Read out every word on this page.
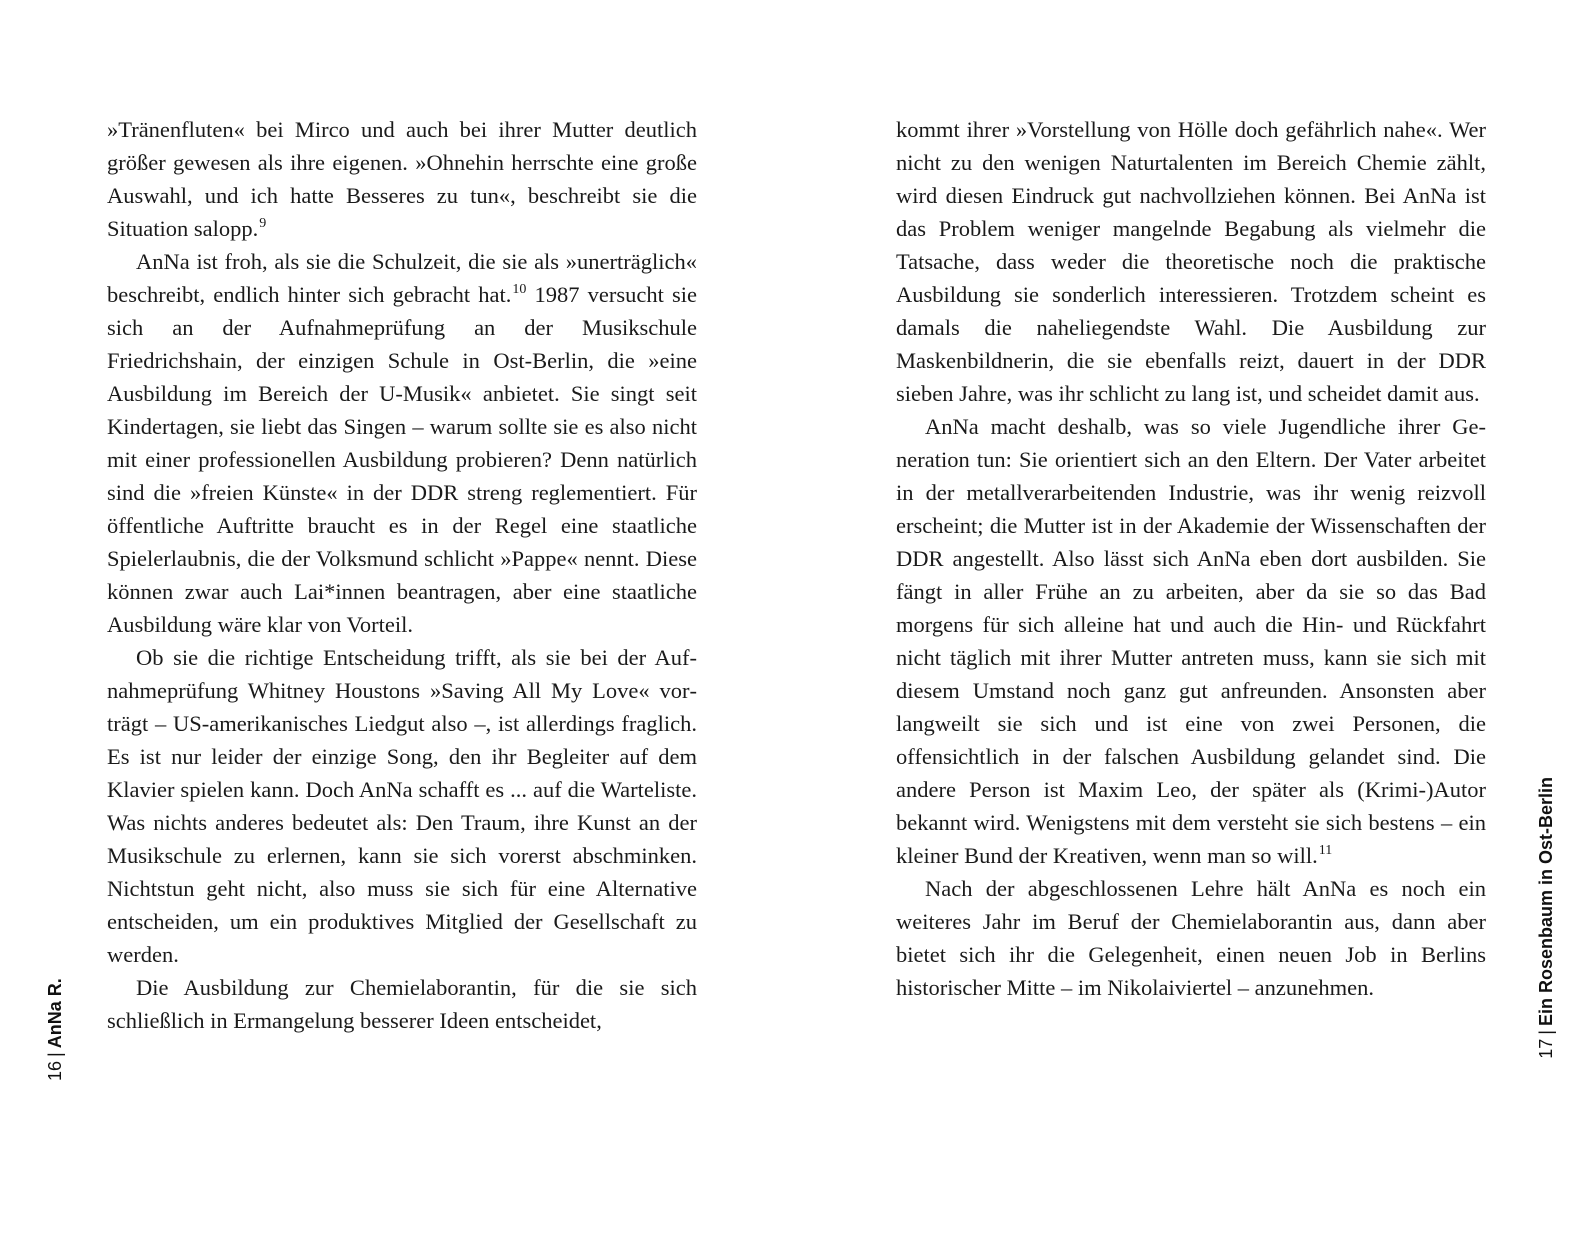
»Tränenfluten« bei Mirco und auch bei ihrer Mutter deutlich größer gewesen als ihre eigenen. »Ohnehin herrschte eine große Auswahl, und ich hatte Besseres zu tun«, beschreibt sie die Situation salopp.$^9$

AnNa ist froh, als sie die Schulzeit, die sie als »unerträglich« beschreibt, endlich hinter sich gebracht hat.$^{10}$ 1987 versucht sie sich an der Aufnahmeprüfung an der Musikschule Friedrichshain, der einzigen Schule in Ost-Berlin, die »eine Ausbildung im Bereich der U-Musik« anbietet. Sie singt seit Kindertagen, sie liebt das Singen – warum sollte sie es also nicht mit einer professionellen Ausbildung probieren? Denn natürlich sind die »freien Künste« in der DDR streng reglementiert. Für öffentliche Auftritte braucht es in der Regel eine staatliche Spielerlaubnis, die der Volksmund schlicht »Pappe« nennt. Diese können zwar auch Lai*innen beantragen, aber eine staatliche Ausbildung wäre klar von Vorteil.

Ob sie die richtige Entscheidung trifft, als sie bei der Aufnahmeprüfung Whitney Houstons »Saving All My Love« vorträgt – US-amerikanisches Liedgut also –, ist allerdings fraglich. Es ist nur leider der einzige Song, den ihr Begleiter auf dem Klavier spielen kann. Doch AnNa schafft es ... auf die Warteliste. Was nichts anderes bedeutet als: Den Traum, ihre Kunst an der Musikschule zu erlernen, kann sie sich vorerst abschminken. Nichtstun geht nicht, also muss sie sich für eine Alternative entscheiden, um ein produktives Mitglied der Gesellschaft zu werden.

Die Ausbildung zur Chemielaborantin, für die sie sich schließlich in Ermangelung besserer Ideen entscheidet,

kommt ihrer »Vorstellung von Hölle doch gefährlich nahe«. Wer nicht zu den wenigen Naturtalenten im Bereich Chemie zählt, wird diesen Eindruck gut nachvollziehen können. Bei AnNa ist das Problem weniger mangelnde Begabung als vielmehr die Tatsache, dass weder die theoretische noch die praktische Ausbildung sie sonderlich interessieren. Trotzdem scheint es damals die naheliegendste Wahl. Die Ausbildung zur Maskenbildnerin, die sie ebenfalls reizt, dauert in der DDR sieben Jahre, was ihr schlicht zu lang ist, und scheidet damit aus.

AnNa macht deshalb, was so viele Jugendliche ihrer Generation tun: Sie orientiert sich an den Eltern. Der Vater arbeitet in der metallverarbeitenden Industrie, was ihr wenig reizvoll erscheint; die Mutter ist in der Akademie der Wissenschaften der DDR angestellt. Also lässt sich AnNa eben dort ausbilden. Sie fängt in aller Frühe an zu arbeiten, aber da sie so das Bad morgens für sich alleine hat und auch die Hin- und Rückfahrt nicht täglich mit ihrer Mutter antreten muss, kann sie sich mit diesem Umstand noch ganz gut anfreunden. Ansonsten aber langweilt sie sich und ist eine von zwei Personen, die offensichtlich in der falschen Ausbildung gelandet sind. Die andere Person ist Maxim Leo, der später als (Krimi-)Autor bekannt wird. Wenigstens mit dem versteht sie sich bestens – ein kleiner Bund der Kreativen, wenn man so will.$^{11}$

Nach der abgeschlossenen Lehre hält AnNa es noch ein weiteres Jahr im Beruf der Chemielaborantin aus, dann aber bietet sich ihr die Gelegenheit, einen neuen Job in Berlins historischer Mitte – im Nikolaiviertel – anzunehmen.

16|AnNa R.
17|Ein Rosenbaum in Ost-Berlin
